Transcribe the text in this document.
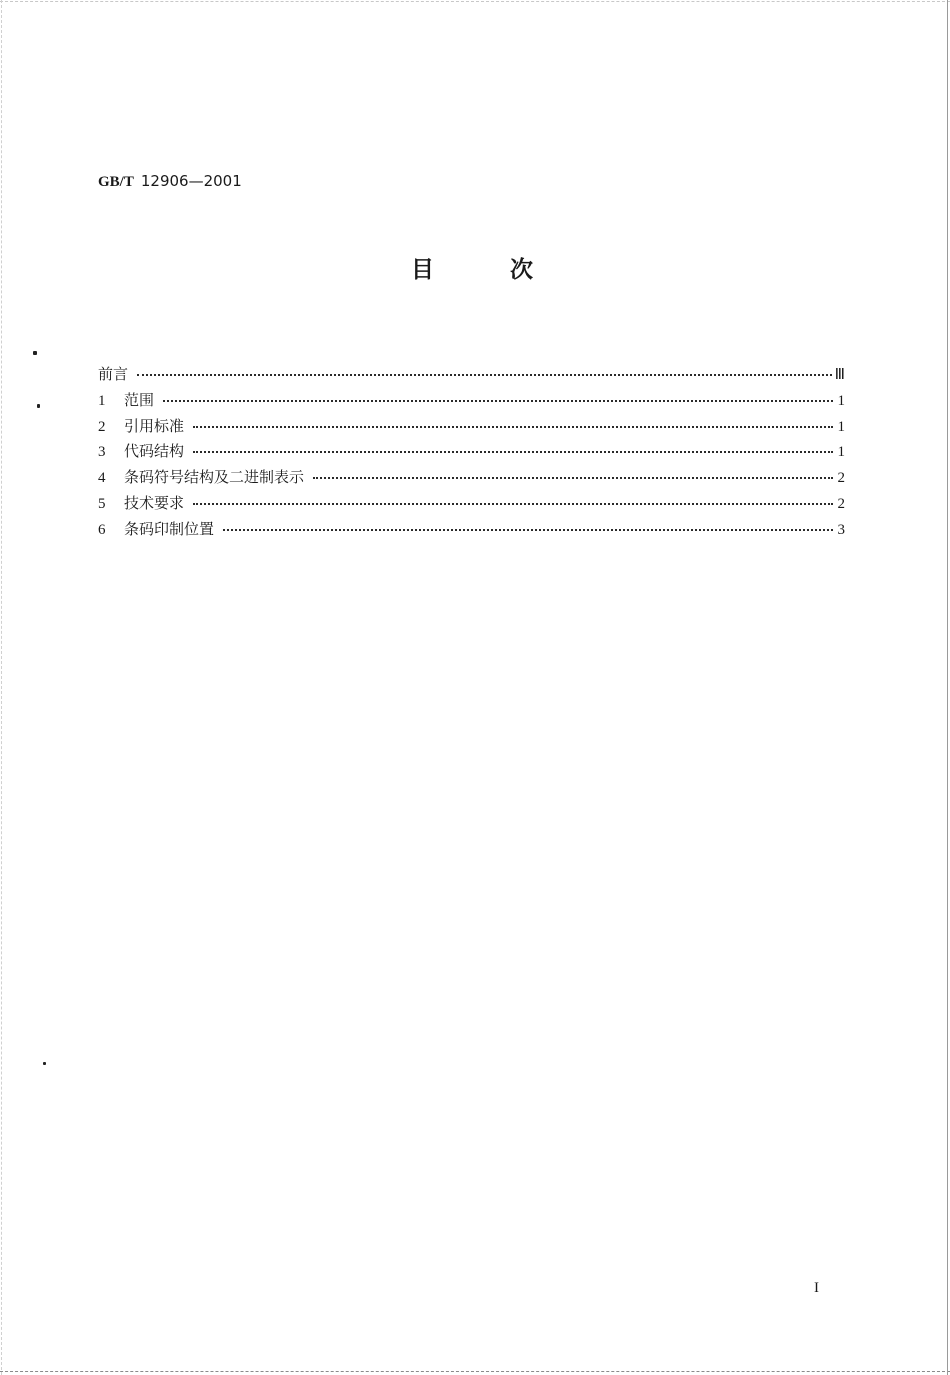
GB/T 12906—2001
目　　次
前言	Ⅲ
1	范围	1
2	引用标准	1
3	代码结构	1
4	条码符号结构及二进制表示	2
5	技术要求	2
6	条码印制位置	3
I
